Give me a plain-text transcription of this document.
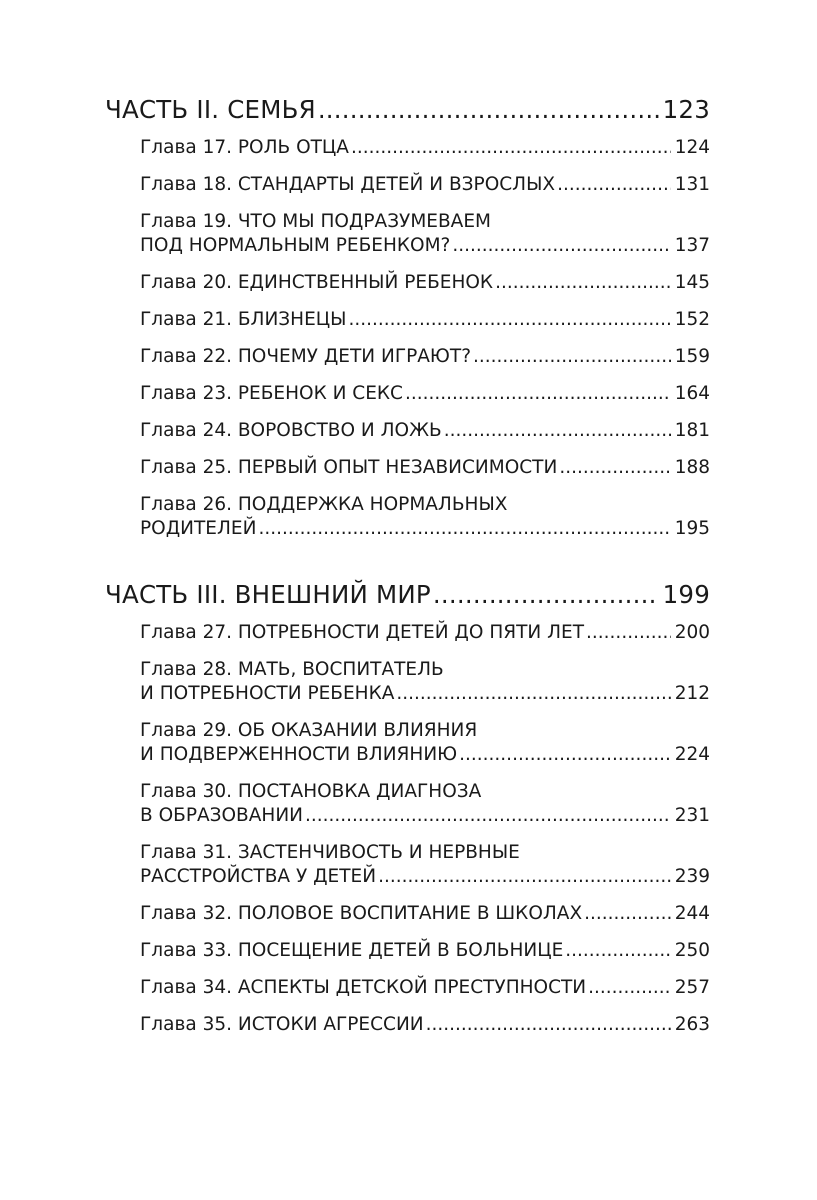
ЧАСТЬ II. СЕМЬЯ .....	123
Глава 17. РОЛЬ ОТЦА .....	124
Глава 18. СТАНДАРТЫ ДЕТЕЙ И ВЗРОСЛЫХ .....	131
Глава 19. ЧТО МЫ ПОДРАЗУМЕВАЕМ
ПОД НОРМАЛЬНЫМ РЕБЕНКОМ? .....	137
Глава 20. ЕДИНСТВЕННЫЙ РЕБЕНОК .....	145
Глава 21. БЛИЗНЕЦЫ .....	152
Глава 22. ПОЧЕМУ ДЕТИ ИГРАЮТ? .....	159
Глава 23. РЕБЕНОК И СЕКС .....	164
Глава 24. ВОРОВСТВО И ЛОЖЬ .....	181
Глава 25. ПЕРВЫЙ ОПЫТ НЕЗАВИСИМОСТИ .....	188
Глава 26. ПОДДЕРЖКА НОРМАЛЬНЫХ
РОДИТЕЛЕЙ .....	195
ЧАСТЬ III. ВНЕШНИЙ МИР .....	199
Глава 27. ПОТРЕБНОСТИ ДЕТЕЙ ДО ПЯТИ ЛЕТ .....	200
Глава 28. МАТЬ, ВОСПИТАТЕЛЬ
И ПОТРЕБНОСТИ РЕБЕНКА .....	212
Глава 29. ОБ ОКАЗАНИИ ВЛИЯНИЯ
И ПОДВЕРЖЕННОСТИ ВЛИЯНИЮ .....	224
Глава 30. ПОСТАНОВКА ДИАГНОЗА
В ОБРАЗОВАНИИ .....	231
Глава 31. ЗАСТЕНЧИВОСТЬ И НЕРВНЫЕ
РАССТРОЙСТВА У ДЕТЕЙ .....	239
Глава 32. ПОЛОВОЕ ВОСПИТАНИЕ В ШКОЛАХ .....	244
Глава 33. ПОСЕЩЕНИЕ ДЕТЕЙ В БОЛЬНИЦЕ .....	250
Глава 34. АСПЕКТЫ ДЕТСКОЙ ПРЕСТУПНОСТИ .....	257
Глава 35. ИСТОКИ АГРЕССИИ .....	263
